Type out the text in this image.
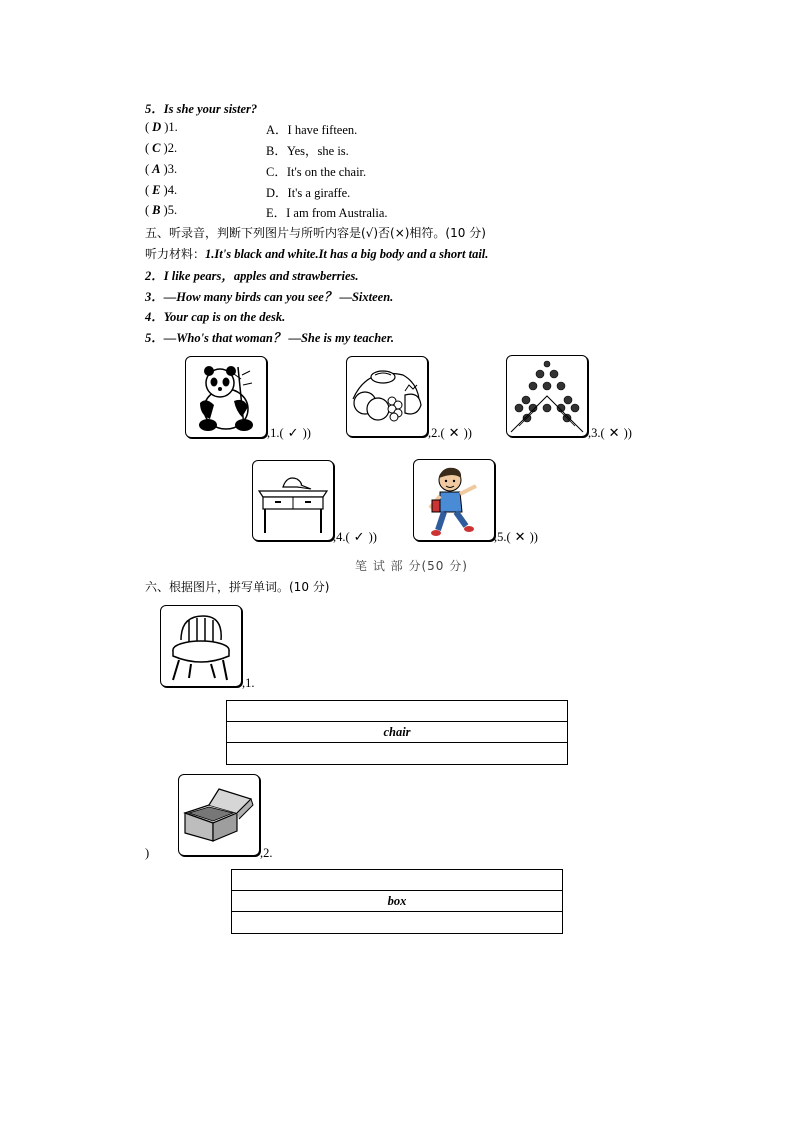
5．Is she your sister?
( D )1.	A．I have fifteen.
( C )2.	B．Yes，she is.
( A )3.	C．It's on the chair.
( E )4.	D．It's a giraffe.
( B )5.	E．I am from Australia.
五、听录音，判断下列图片与所听内容是(√)否(×)相符。(10 分)
听力材料：1.It's black and white.It has a big body and a short tail.
2．I like pears，apples and strawberries.
3．—How many birds can you see？ —Sixteen.
4．Your cap is on the desk.
5．—Who's that woman？ —She is my teacher.
,1.( ✓ ))	,2.( ✕ ))	,3.( ✕ ))
,4.( ✓ ))	,5.( ✕ ))
笔 试 部 分(50 分)
六、根据图片，拼写单词。(10 分)
,1.
chair
)	,2.
box
